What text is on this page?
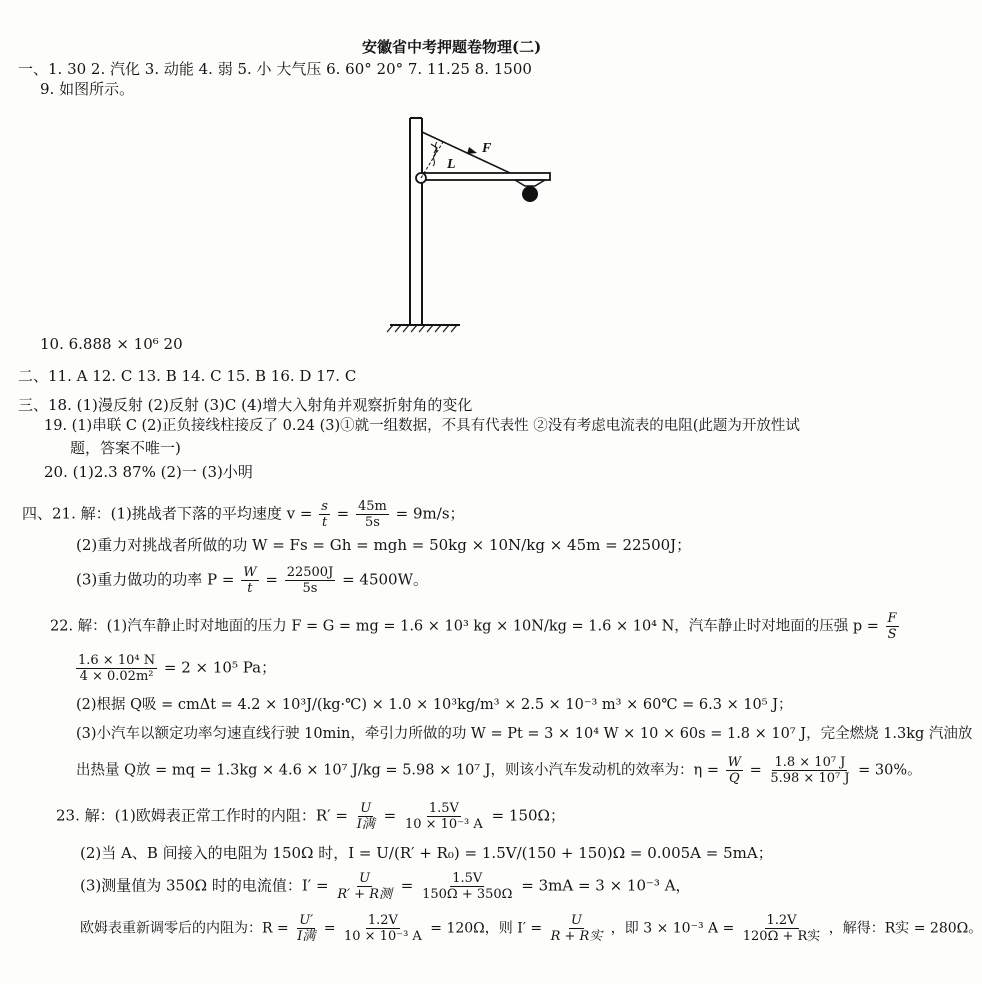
安徽省中考押题卷物理(二)
一、1. 30 2. 汽化 3. 动能 4. 弱 5. 小 大气压 6. 60° 20° 7. 11.25 8. 1500
9. 如图所示。
L
F
10. 6.888 × 10⁶ 20
二、11. A 12. C 13. B 14. C 15. B 16. D 17. C
三、18. (1)漫反射 (2)反射 (3)C (4)增大入射角并观察折射角的变化
19. (1)串联 C (2)正负接线柱接反了 0.24 (3)①就一组数据，不具有代表性 ②没有考虑电流表的电阻(此题为开放性试
题，答案不唯一)
20. (1)2.3 87% (2)一 (3)小明
四、21. 解：(1)挑战者下落的平均速度 $v = \frac{s}{t} = \frac{45m}{5s} = 9m/s$；
(2)重力对挑战者所做的功 W = Fs = Gh = mgh = 50kg × 10N/kg × 45m = 22500J；
(3)重力做功的功率 $P = \frac{W}{t} = \frac{22500J}{5s} = 4500W$。
22. 解：(1)汽车静止时对地面的压力 F = G = mg = 1.6 × 10³ kg × 10N/kg = 1.6 × 10⁴ N，汽车静止时对地面的压强 $p = \frac{F}{S}$
$\frac{\text{1.6 × 10⁴ N}}{\text{4 × 0.02m²}} = 2 \times 10^5$ Pa；
(2)根据 Q吸 = cmΔt = 4.2 × 10³J/(kg·℃) × 1.0 × 10³kg/m³ × 2.5 × 10⁻³ m³ × 60℃ = 6.3 × 10⁵ J；
(3)小汽车以额定功率匀速直线行驶 10min，牵引力所做的功 W = Pt = 3 × 10⁴ W × 10 × 60s = 1.8 × 10⁷ J，完全燃烧 1.3kg 汽油放
出热量 Q放 = mq = 1.3kg × 4.6 × 10⁷ J/kg = 5.98 × 10⁷ J，则该小汽车发动机的效率为：$\eta = \frac{W}{Q} = \frac{\text{1.8 × 10⁷ J}}{\text{5.98 × 10⁷ J}} = 30\%$。
23. 解：(1)欧姆表正常工作时的内阻：$R' = \frac{U}{\text{I满}} = \frac{1.5V}{\text{10 × 10⁻³ A}} = 150\Omega$；
(2)当 A、B 间接入的电阻为 150Ω 时，I = U/(R′ + R₀) = 1.5V/(150 + 150)Ω = 0.005A = 5mA；
(3)测量值为 350Ω 时的电流值：$I' = \frac{U}{\text{R′ + R测}} = \frac{1.5V}{150\Omega + 350\Omega} = 3mA = 3 \times 10^{-3}$ A，
欧姆表重新调零后的内阻为：$R = \frac{U'}{\text{I满}} = \frac{1.2V}{\text{10 × 10⁻³ A}} = 120\Omega$，则 $I' = \frac{U}{\text{R + R实}}$ ，即 3 × 10⁻³ $A = \frac{1.2V}{\text{120Ω + R实}}$ ，解得：R实 = 280Ω。
